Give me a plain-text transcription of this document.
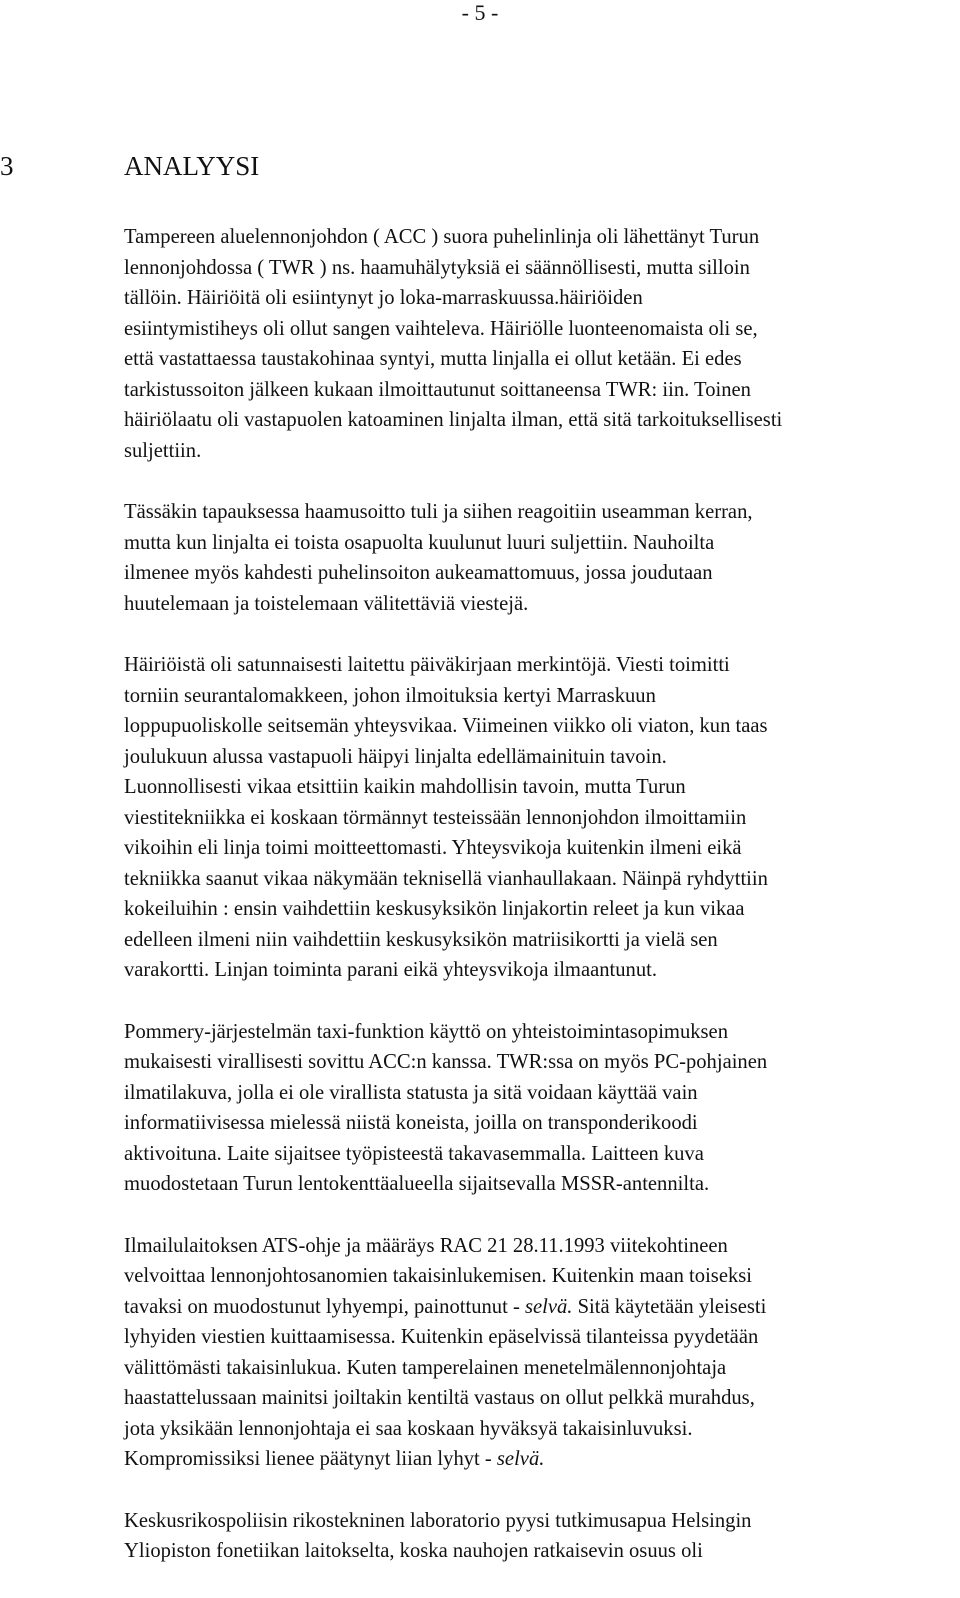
- 5 -
3	ANALYYSI

Tampereen aluelennonjohdon ( ACC ) suora puhelinlinja oli lähettänyt Turun
lennonjohdossa ( TWR ) ns. haamuhälytyksiä ei säännöllisesti, mutta silloin
tällöin. Häiriöitä oli esiintynyt jo loka-marraskuussa.häiriöiden
esiintymistiheys oli ollut sangen vaihteleva. Häiriölle luonteenomaista oli se,
että vastattaessa taustakohinaa syntyi, mutta linjalla ei ollut ketään. Ei edes
tarkistussoiton jälkeen kukaan ilmoittautunut soittaneensa TWR: iin. Toinen
häiriölaatu oli vastapuolen katoaminen linjalta ilman, että sitä tarkoituksellisesti
suljettiin.

Tässäkin tapauksessa haamusoitto tuli ja siihen reagoitiin useamman kerran,
mutta kun linjalta ei toista osapuolta kuulunut luuri suljettiin. Nauhoilta
ilmenee myös kahdesti puhelinsoiton aukeamattomuus, jossa joudutaan
huutelemaan ja toistelemaan välitettäviä viestejä.

Häiriöistä oli satunnaisesti laitettu päiväkirjaan merkintöjä. Viesti toimitti
torniin seurantalomakkeen, johon ilmoituksia kertyi Marraskuun
loppupuoliskolle seitsemän yhteysvikaa. Viimeinen viikko oli viaton, kun taas
joulukuun alussa vastapuoli häipyi linjalta edellämainituin tavoin.
Luonnollisesti vikaa etsittiin kaikin mahdollisin tavoin, mutta Turun
viestitekniikka ei koskaan törmännyt testeissään lennonjohdon ilmoittamiin
vikoihin eli linja toimi moitteettomasti. Yhteysvikoja kuitenkin ilmeni eikä
tekniikka saanut vikaa näkymään teknisellä vianhaullakaan. Näinpä ryhdyttiin
kokeiluihin : ensin vaihdettiin keskusyksikön linjakortin releet ja kun vikaa
edelleen ilmeni niin vaihdettiin keskusyksikön matriisikortti ja vielä sen
varakortti. Linjan toiminta parani eikä yhteysvikoja ilmaantunut.

Pommery-järjestelmän taxi-funktion käyttö on yhteistoimintasopimuksen
mukaisesti virallisesti sovittu ACC:n kanssa. TWR:ssa on myös PC-pohjainen
ilmatilakuva, jolla ei ole virallista statusta ja sitä voidaan käyttää vain
informatiivisessa mielessä niistä koneista, joilla on transponderikoodi
aktivoituna. Laite sijaitsee työpisteestä takavasemmalla. Laitteen kuva
muodostetaan Turun lentokenttäalueella sijaitsevalla MSSR-antennilta.

Ilmailulaitoksen ATS-ohje ja määräys RAC 21 28.11.1993 viitekohtineen
velvoittaa lennonjohtosanomien takaisinlukemisen. Kuitenkin maan toiseksi
tavaksi on muodostunut lyhyempi, painottunut - selvä. Sitä käytetään yleisesti
lyhyiden viestien kuittaamisessa. Kuitenkin epäselvissä tilanteissa pyydetään
välittömästi takaisinlukua. Kuten tamperelainen menetelmälennonjohtaja
haastattelussaan mainitsi joiltakin kentiltä vastaus on ollut pelkkä murahdus,
jota yksikään lennonjohtaja ei saa koskaan hyväksyä takaisinluvuksi.
Kompromissiksi lienee päätynyt liian lyhyt - selvä.

Keskusrikospoliisin rikostekninen laboratorio pyysi tutkimusapua Helsingin
Yliopiston fonetiikan laitokselta, koska nauhojen ratkaisevin osuus oli
